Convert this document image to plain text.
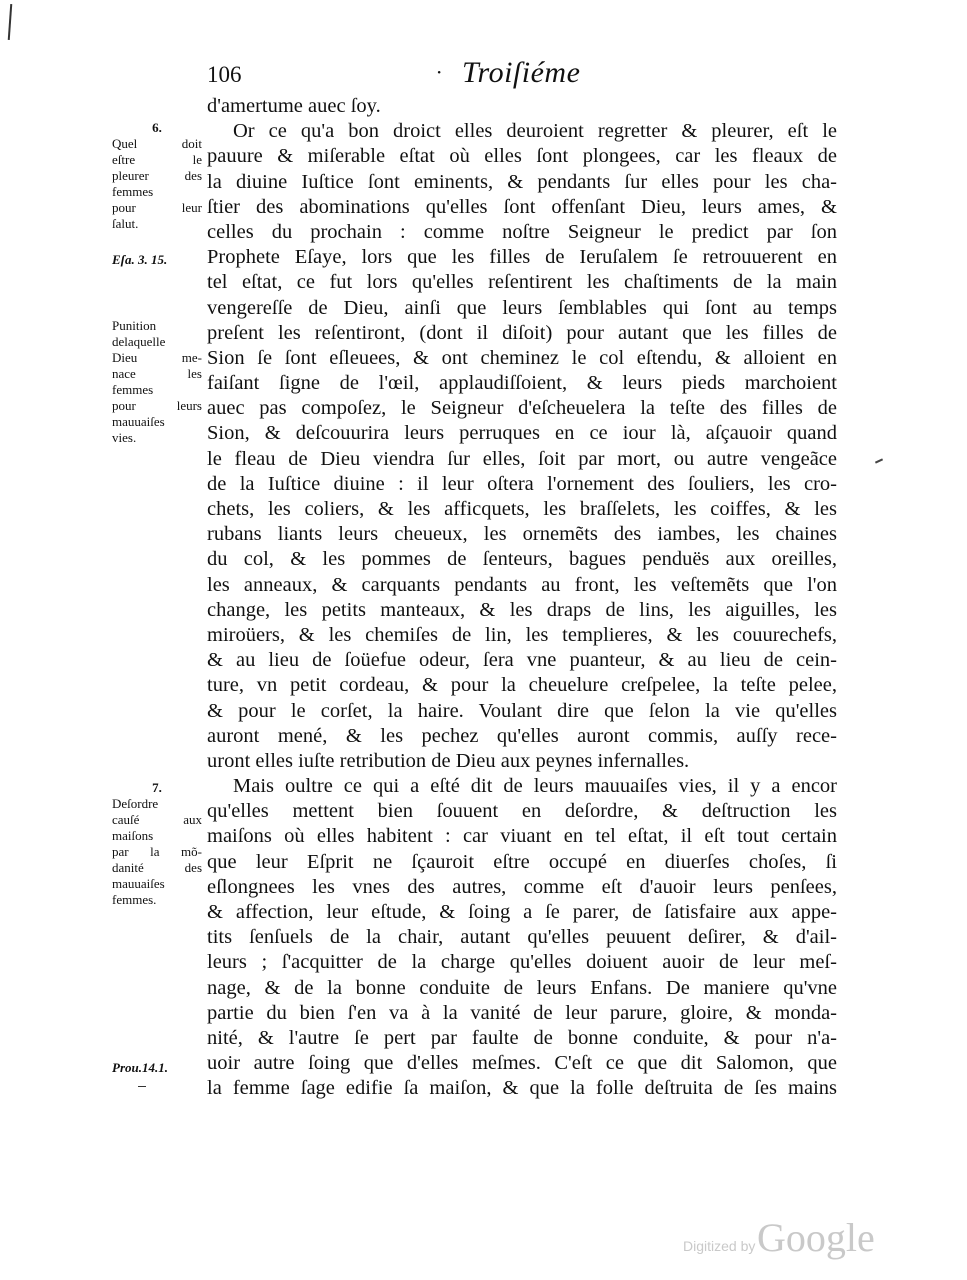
106	· Troiſiéme
6.
Quel doit
eſtre le
pleurer des
femmes
pour leur
ſalut.
Eſa. 3. 15.
Punition
delaquelle
Dieu me-
nace les
femmes
pour leurs
mauuaiſes
vies.
7.
Deſordre
cauſé aux
maiſons
par la mõ-
danité des
mauuaiſes
femmes.
Prou.14.1.
d'amertume auec ſoy.
Or ce qu'a bon droict elles deuroient regretter & pleurer, eſt le
pauure & miſerable eſtat où elles ſont plongees, car les fleaux de
la diuine Iuſtice ſont eminents, & pendants ſur elles pour les cha-
ſtier des abominations qu'elles ſont offenſant Dieu, leurs ames, &
celles du prochain : comme noſtre Seigneur le predict par ſon
Prophete Eſaye, lors que les filles de Ieruſalem ſe retrouuerent en
tel eſtat, ce fut lors qu'elles reſentirent les chaſtiments de la main
vengereſſe de Dieu, ainſi que leurs ſemblables qui ſont au temps
preſent les reſentiront, (dont il diſoit) pour autant que les filles de
Sion ſe ſont eſleuees, & ont cheminez le col eſtendu, & alloient en
faiſant ſigne de l'œil, applaudiſſoient, & leurs pieds marchoient
auec pas compoſez, le Seigneur d'eſcheuelera la teſte des filles de
Sion, & deſcouurira leurs perruques en ce iour là, aſçauoir quand
le fleau de Dieu viendra ſur elles, ſoit par mort, ou autre vengeãce
de la Iuſtice diuine : il leur oſtera l'ornement des ſouliers, les cro-
chets, les coliers, & les afficquets, les braſſelets, les coiffes, & les
rubans liants leurs cheueux, les ornemẽts des iambes, les chaines
du col, & les pommes de ſenteurs, bagues penduës aux oreilles,
les anneaux, & carquants pendants au front, les veſtemẽts que l'on
change, les petits manteaux, & les draps de lins, les aiguilles, les
miroüers, & les chemiſes de lin, les templieres, & les couurechefs,
& au lieu de ſoüefue odeur, ſera vne puanteur, & au lieu de cein-
ture, vn petit cordeau, & pour la cheuelure creſpelee, la teſte pelee,
& pour le corſet, la haire. Voulant dire que ſelon la vie qu'elles
auront mené, & les pechez qu'elles auront commis, auſſy rece-
uront elles iuſte retribution de Dieu aux peynes infernalles.
Mais oultre ce qui a eſté dit de leurs mauuaiſes vies, il y a encor
qu'elles mettent bien ſouuent en deſordre, & deſtruction les
maiſons où elles habitent : car viuant en tel eſtat, il eſt tout certain
que leur Eſprit ne ſçauroit eſtre occupé en diuerſes choſes, ſi
eſlongnees les vnes des autres, comme eſt d'auoir leurs penſees,
& affection, leur eſtude, & ſoing a ſe parer, de ſatisfaire aux appe-
tits ſenſuels de la chair, autant qu'elles peuuent deſirer, & d'ail-
leurs ; ſ'acquitter de la charge qu'elles doiuent auoir de leur meſ-
nage, & de la bonne conduite de leurs Enfans. De maniere qu'vne
partie du bien ſ'en va à la vanité de leur parure, gloire, & monda-
nité, & l'autre ſe pert par faulte de bonne conduite, & pour n'a-
uoir autre ſoing que d'elles meſmes. C'eſt ce que dit Salomon, que
la femme ſage edifie ſa maiſon, & que la folle deſtruita de ſes mains
Digitized by Google
